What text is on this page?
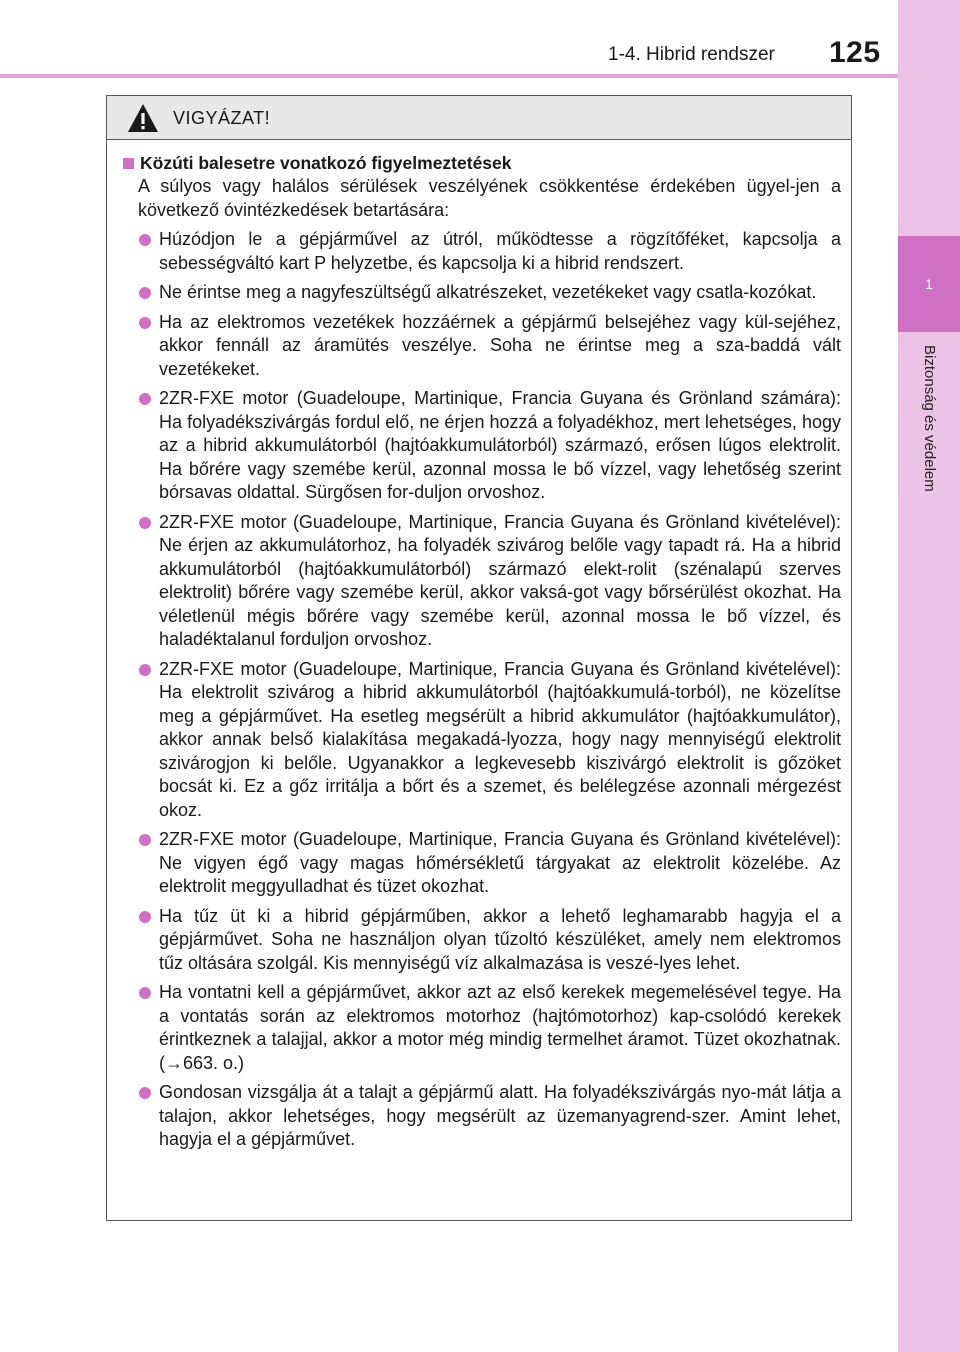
1-4. Hibrid rendszer 125
1
Biztonság és védelem
VIGYÁZAT!
Közúti balesetre vonatkozó figyelmeztetések
A súlyos vagy halálos sérülések veszélyének csökkentése érdekében ügyel-jen a következő óvintézkedések betartására:
Húzódjon le a gépjárművel az útról, működtesse a rögzítőféket, kapcsolja a sebességváltó kart P helyzetbe, és kapcsolja ki a hibrid rendszert.
Ne érintse meg a nagyfeszültségű alkatrészeket, vezetékeket vagy csatla-kozókat.
Ha az elektromos vezetékek hozzáérnek a gépjármű belsejéhez vagy kül-sejéhez, akkor fennáll az áramütés veszélye. Soha ne érintse meg a sza-baddá vált vezetékeket.
2ZR-FXE motor (Guadeloupe, Martinique, Francia Guyana és Grönland számára): Ha folyadékszivárgás fordul elő, ne érjen hozzá a folyadékhoz, mert lehetséges, hogy az a hibrid akkumulátorból (hajtóakkumulátorból) származó, erősen lúgos elektrolit. Ha bőrére vagy szemébe kerül, azonnal mossa le bő vízzel, vagy lehetőség szerint bórsavas oldattal. Sürgősen for-duljon orvoshoz.
2ZR-FXE motor (Guadeloupe, Martinique, Francia Guyana és Grönland kivételével): Ne érjen az akkumulátorhoz, ha folyadék szivárog belőle vagy tapadt rá. Ha a hibrid akkumulátorból (hajtóakkumulátorból) származó elekt-rolit (szénalapú szerves elektrolit) bőrére vagy szemébe kerül, akkor vaksá-got vagy bőrsérülést okozhat. Ha véletlenül mégis bőrére vagy szemébe kerül, azonnal mossa le bő vízzel, és haladéktalanul forduljon orvoshoz.
2ZR-FXE motor (Guadeloupe, Martinique, Francia Guyana és Grönland kivételével): Ha elektrolit szivárog a hibrid akkumulátorból (hajtóakkumulá-torból), ne közelítse meg a gépjárművet. Ha esetleg megsérült a hibrid akkumulátor (hajtóakkumulátor), akkor annak belső kialakítása megakadá-lyozza, hogy nagy mennyiségű elektrolit szivárogjon ki belőle. Ugyanakkor a legkevesebb kiszivárgó elektrolit is gőzöket bocsát ki. Ez a gőz irritálja a bőrt és a szemet, és belélegzése azonnali mérgezést okoz.
2ZR-FXE motor (Guadeloupe, Martinique, Francia Guyana és Grönland kivételével): Ne vigyen égő vagy magas hőmérsékletű tárgyakat az elektrolit közelébe. Az elektrolit meggyulladhat és tüzet okozhat.
Ha tűz üt ki a hibrid gépjárműben, akkor a lehető leghamarabb hagyja el a gépjárművet. Soha ne használjon olyan tűzoltó készüléket, amely nem elektromos tűz oltására szolgál. Kis mennyiségű víz alkalmazása is veszé-lyes lehet.
Ha vontatni kell a gépjárművet, akkor azt az első kerekek megemelésével tegye. Ha a vontatás során az elektromos motorhoz (hajtómotorhoz) kap-csolódó kerekek érintkeznek a talajjal, akkor a motor még mindig termelhet áramot. Tüzet okozhatnak. (→663. o.)
Gondosan vizsgálja át a talajt a gépjármű alatt. Ha folyadékszivárgás nyo-mát látja a talajon, akkor lehetséges, hogy megsérült az üzemanyagrend-szer. Amint lehet, hagyja el a gépjárművet.
